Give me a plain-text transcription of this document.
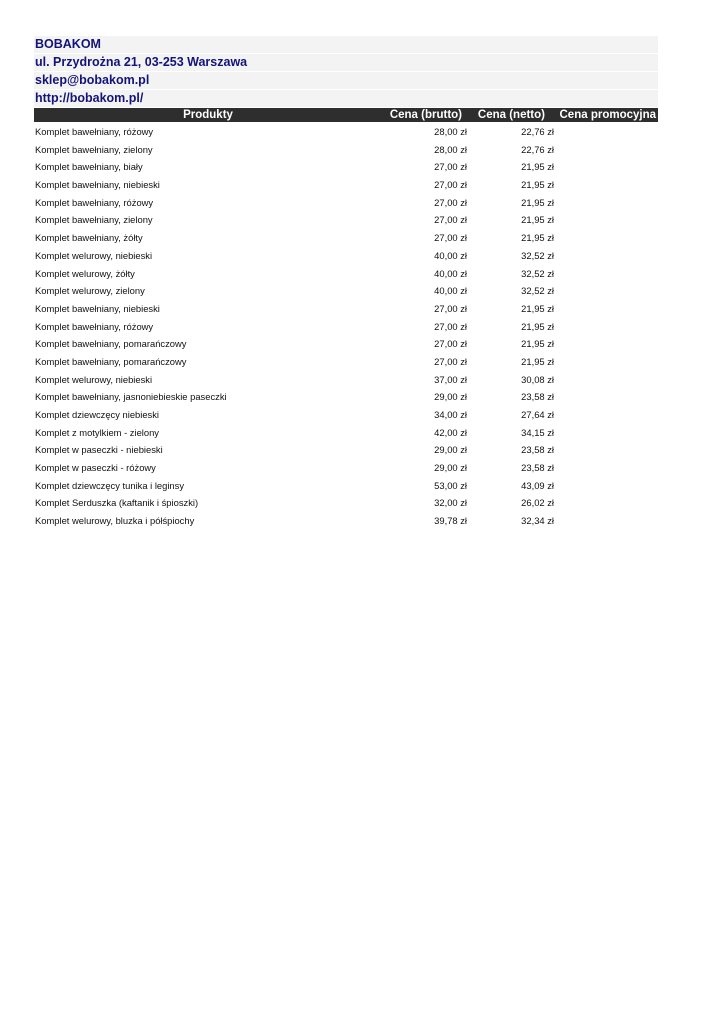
BOBAKOM
ul. Przydrożna 21, 03-253 Warszawa
sklep@bobakom.pl
http://bobakom.pl/
Produkty	Cena (brutto) Cena (netto)	Cena promocyjna
Komplet bawełniany, różowy	28,00 zł	22,76 zł
Komplet bawełniany, zielony	28,00 zł	22,76 zł
Komplet bawełniany, biały	27,00 zł	21,95 zł
Komplet bawełniany, niebieski	27,00 zł	21,95 zł
Komplet bawełniany, różowy	27,00 zł	21,95 zł
Komplet bawełniany, zielony	27,00 zł	21,95 zł
Komplet bawełniany, żółty	27,00 zł	21,95 zł
Komplet welurowy, niebieski	40,00 zł	32,52 zł
Komplet welurowy, żółty	40,00 zł	32,52 zł
Komplet welurowy, zielony	40,00 zł	32,52 zł
Komplet bawełniany, niebieski	27,00 zł	21,95 zł
Komplet bawełniany, różowy	27,00 zł	21,95 zł
Komplet bawełniany, pomarańczowy	27,00 zł	21,95 zł
Komplet bawełniany, pomarańczowy	27,00 zł	21,95 zł
Komplet welurowy, niebieski	37,00 zł	30,08 zł
Komplet bawełniany, jasnoniebieskie paseczki	29,00 zł	23,58 zł
Komplet dziewczęcy niebieski	34,00 zł	27,64 zł
Komplet z motylkiem - zielony	42,00 zł	34,15 zł
Komplet w paseczki - niebieski	29,00 zł	23,58 zł
Komplet w paseczki - różowy	29,00 zł	23,58 zł
Komplet dziewczęcy tunika i leginsy	53,00 zł	43,09 zł
Komplet Serduszka (kaftanik i śpioszki)	32,00 zł	26,02 zł
Komplet welurowy, bluzka i półśpiochy	39,78 zł	32,34 zł
